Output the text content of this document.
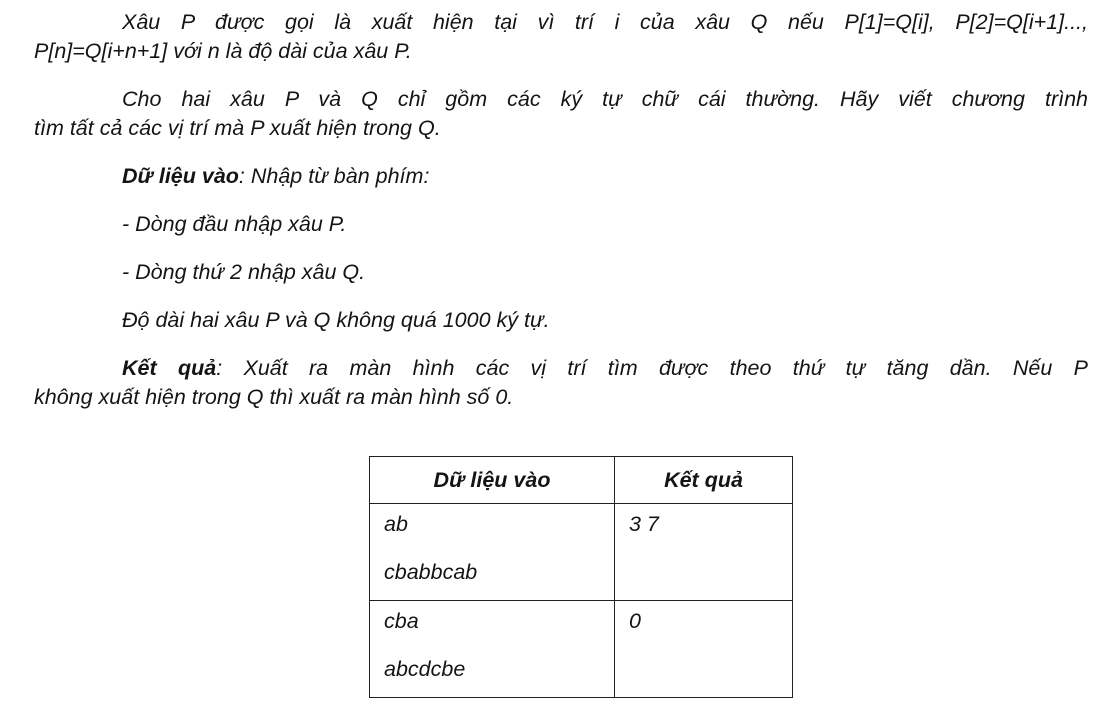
Xâu P được gọi là xuất hiện tại vì trí i của xâu Q nếu P[1]=Q[i], P[2]=Q[i+1]...,
P[n]=Q[i+n+1] với n là độ dài của xâu P.

Cho hai xâu P và Q chỉ gồm các ký tự chữ cái thường. Hãy viết chương trình
tìm tất cả các vị trí mà P xuất hiện trong Q.

Dữ liệu vào: Nhập từ bàn phím:

- Dòng đầu nhập xâu P.

- Dòng thứ 2 nhập xâu Q.

Độ dài hai xâu P và Q không quá 1000 ký tự.

Kết quả: Xuất ra màn hình các vị trí tìm được theo thứ tự tăng dần. Nếu P
không xuất hiện trong Q thì xuất ra màn hình số 0.

Dữ liệu vào	Kết quả

ab
cbabbcab	3 7

cba
abcdcbe	0
